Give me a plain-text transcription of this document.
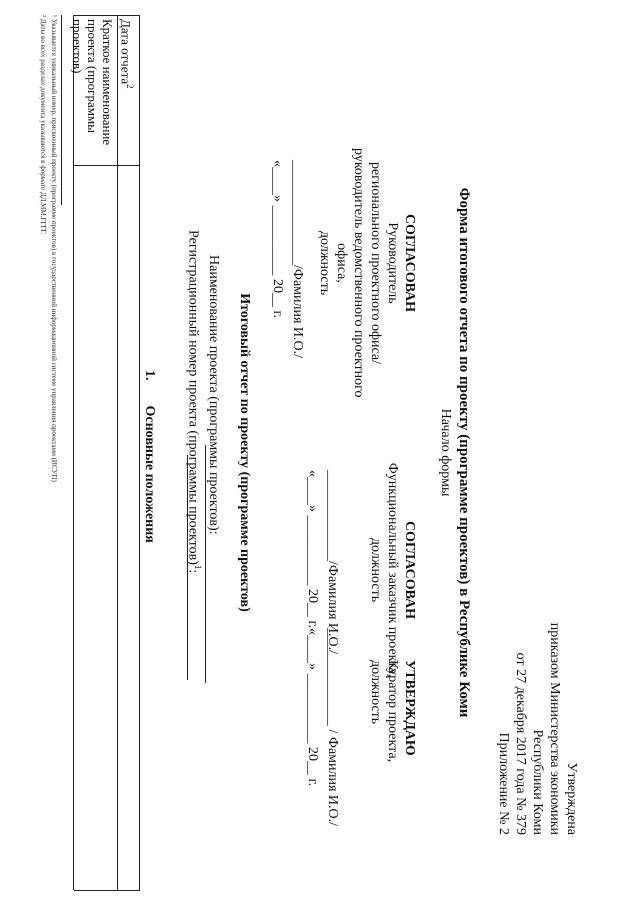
Утверждена
приказом Министерства экономики
Республики Коми
от 27 декабря 2017 года № 379
Приложение № 2
Форма итогового отчета по проекту (программе проектов) в Республике Коми
Начало формы
СОГЛАСОВАН
Руководитель
регионального проектного офиса/
руководитель ведомственного проектного
офиса,
должность
_______________/Фамилия И.О./
«____» __________ 20__ г.
СОГЛАСОВАН
Функциональный заказчик проекта,
должность
_____________/Фамилия И.О./
«____» __________ 20__ г.
УТВЕРЖДАЮ
Куратор проекта,
должность
______________ / Фамилия И.О./
«____» __________ 20__ г.
Итоговый отчет по проекту (программе проектов)
Наименование проекта (программы проектов):
Регистрационный номер проекта (программы проектов)$^1$:
1.  Основные положения
Дата отчета$^2$
Краткое наименование проекта (программы проектов)
¹ Указывается уникальный номер, присвоенный проекту (программе проектов) в государственной информационной системе управления проектами (ИСУП)
² Даты во всех разделах документа указываются в формате ДД.ММ.ГГГГ.
